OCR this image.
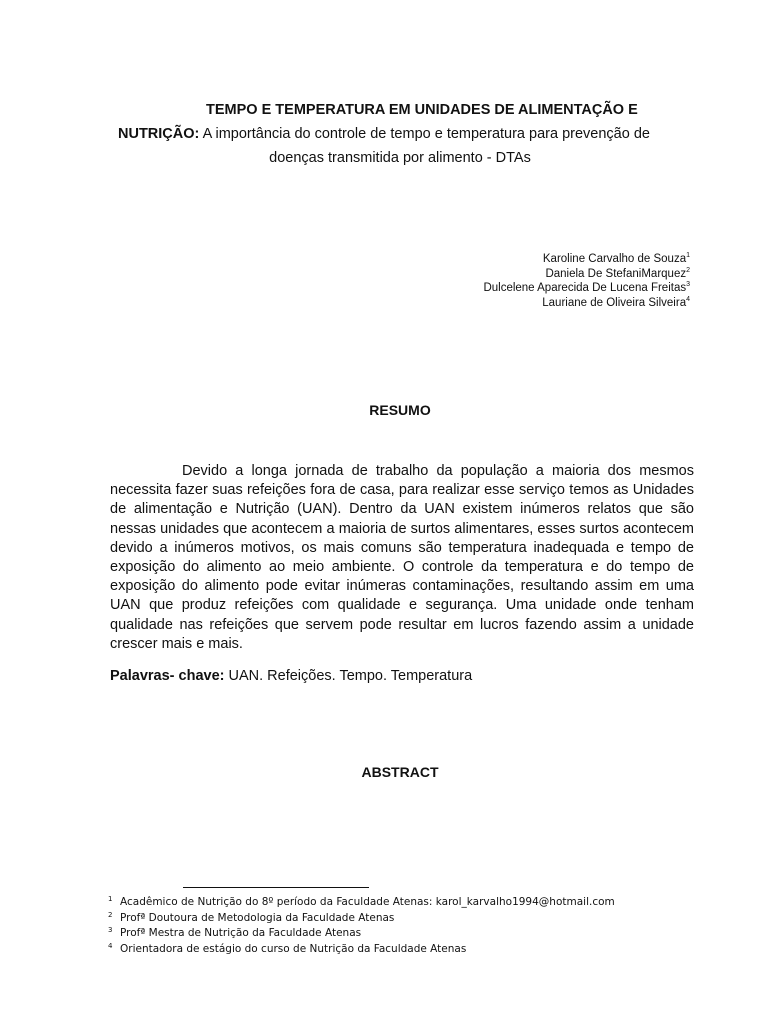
TEMPO E TEMPERATURA EM UNIDADES DE ALIMENTAÇÃO E
NUTRIÇÃO: A importância do controle de tempo e temperatura para prevenção de
doenças transmitida por alimento - DTAs
Karoline Carvalho de Souza$^1$
Daniela De StefaniMarquez$^2$
Dulcelene Aparecida De Lucena Freitas$^3$
Lauriane de Oliveira Silveira$^4$
RESUMO

Devido a longa jornada de trabalho da população a maioria dos mesmos necessita fazer suas refeições fora de casa, para realizar esse serviço temos as Unidades de alimentação e Nutrição (UAN). Dentro da UAN existem inúmeros relatos que são nessas unidades que acontecem a maioria de surtos alimentares, esses surtos acontecem devido a inúmeros motivos, os mais comuns são temperatura inadequada e tempo de exposição do alimento ao meio ambiente. O controle da temperatura e do tempo de exposição do alimento pode evitar inúmeras contaminações, resultando assim em uma UAN que produz refeições com qualidade e segurança. Uma unidade onde tenham qualidade nas refeições que servem pode resultar em lucros fazendo assim a unidade crescer mais e mais.

Palavras- chave: UAN. Refeições. Tempo. Temperatura
ABSTRACT
$^1$ Acadêmico de Nutrição do 8º período da Faculdade Atenas: karol_karvalho1994@hotmail.com
$^2$ Profª Doutoura de Metodologia da Faculdade Atenas
$^3$ Profª Mestra de Nutrição da Faculdade Atenas
$^4$ Orientadora de estágio do curso de Nutrição da Faculdade Atenas
